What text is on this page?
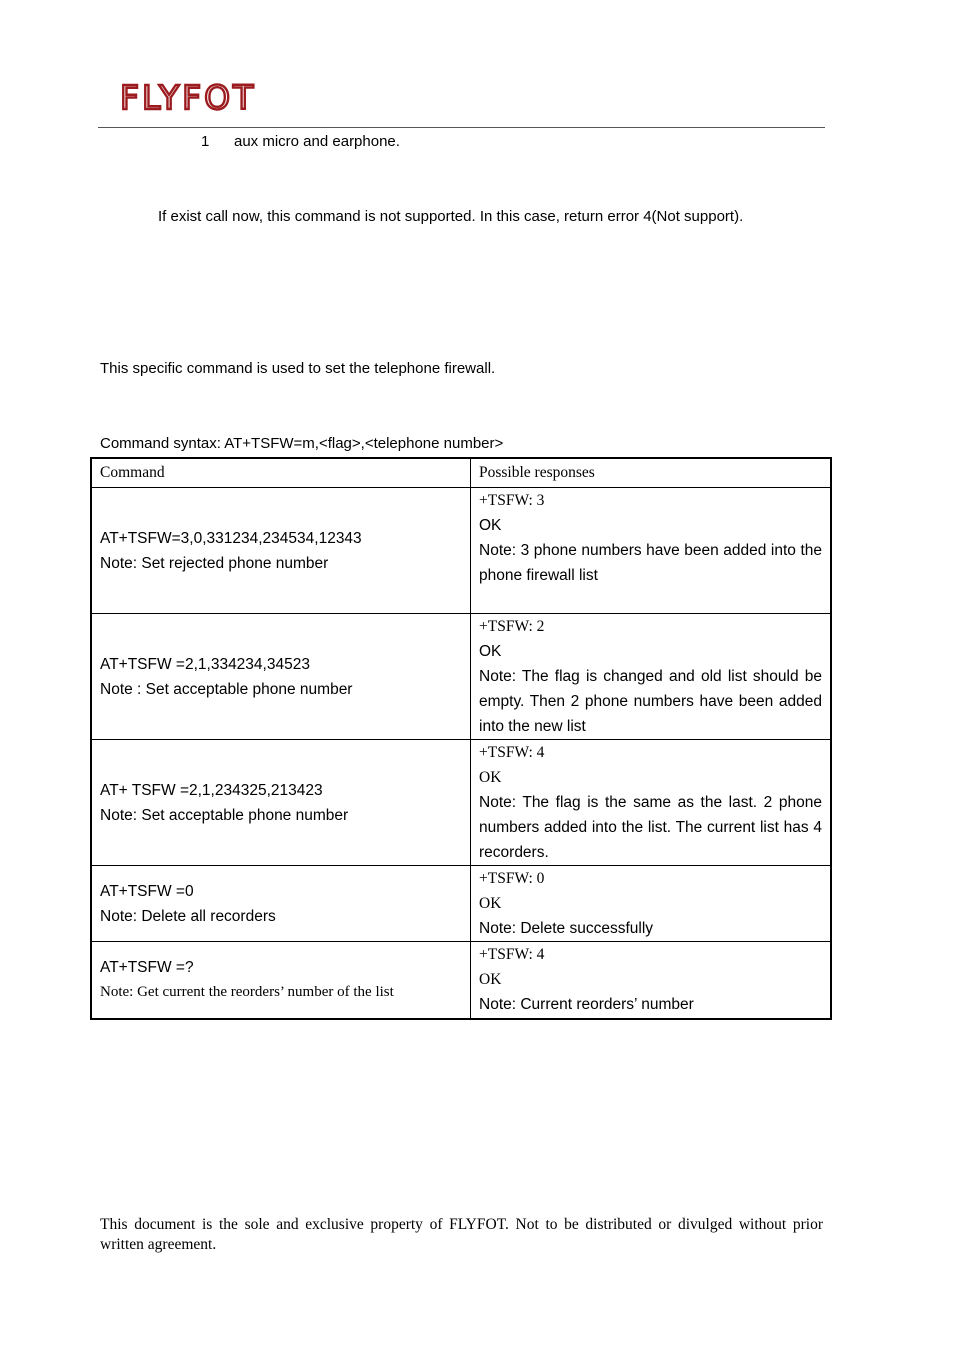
FLYFOT
1 aux micro and earphone.
If exist call now, this command is not supported. In this case, return error 4(Not support).
This specific command is used to set the telephone firewall.
Command syntax: AT+TSFW=m,<flag>,<telephone number>
Command	Possible responses

AT+TSFW=3,0,331234,234534,12343
Note: Set rejected phone number	+TSFW: 3
OK
Note: 3 phone numbers have been added into the phone firewall list

AT+TSFW =2,1,334234,34523
Note : Set acceptable phone number	+TSFW: 2
OK
Note: The flag is changed and old list should be empty. Then 2 phone numbers have been added into the new list

AT+ TSFW =2,1,234325,213423
Note: Set acceptable phone number	+TSFW: 4
OK
Note: The flag is the same as the last. 2 phone numbers added into the list. The current list has 4 recorders.

AT+TSFW =0
Note: Delete all recorders	+TSFW: 0
OK
Note: Delete successfully

AT+TSFW =?
Note: Get current the reorders’ number of the list	+TSFW: 4
OK
Note: Current reorders’ number
This document is the sole and exclusive property of FLYFOT. Not to be distributed or divulged without prior written agreement.
